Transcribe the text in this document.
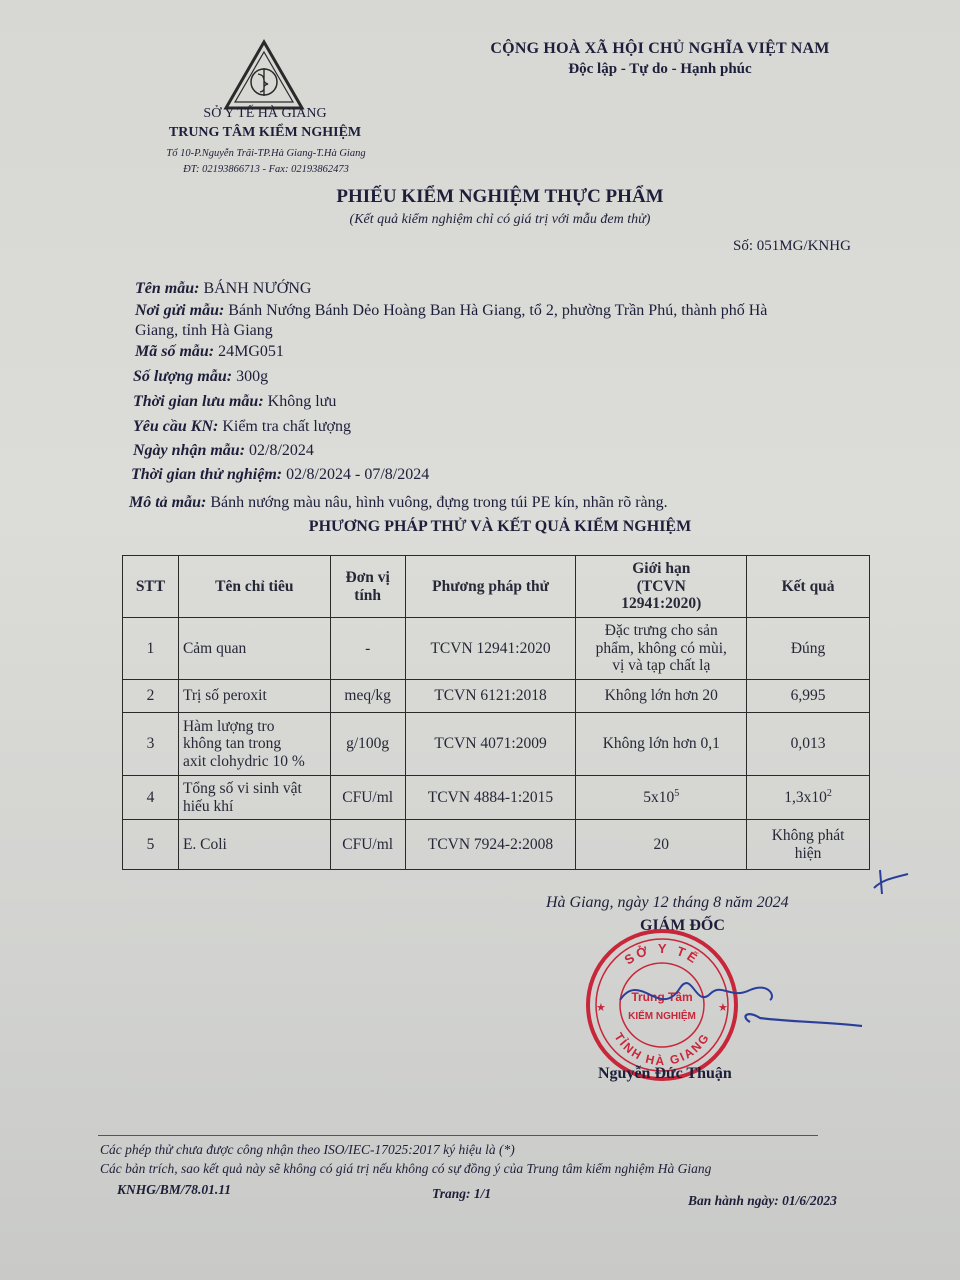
SỞ Y TẾ HÀ GIANG
TRUNG TÂM KIỂM NGHIỆM
Tổ 10-P.Nguyễn Trãi-TP.Hà Giang-T.Hà Giang
ĐT: 02193866713 - Fax: 02193862473
CỘNG HOÀ XÃ HỘI CHỦ NGHĨA VIỆT NAM
Độc lập - Tự do - Hạnh phúc
PHIẾU KIỂM NGHIỆM THỰC PHẨM
(Kết quả kiểm nghiệm chỉ có giá trị với mẫu đem thử)
Số: 051MG/KNHG
Tên mẫu: BÁNH NƯỚNG
Nơi gửi mẫu: Bánh Nướng Bánh Dẻo Hoàng Ban Hà Giang, tổ 2, phường Trần Phú, thành phố Hà
Giang, tỉnh Hà Giang
Mã số mẫu: 24MG051
Số lượng mẫu: 300g
Thời gian lưu mẫu: Không lưu
Yêu cầu KN: Kiểm tra chất lượng
Ngày nhận mẫu: 02/8/2024
Thời gian thử nghiệm: 02/8/2024 - 07/8/2024
Mô tả mẫu: Bánh nướng màu nâu, hình vuông, đựng trong túi PE kín, nhãn rõ ràng.
PHƯƠNG PHÁP THỬ VÀ KẾT QUẢ KIỂM NGHIỆM
STT	Tên chỉ tiêu	Đơn vị
tính	Phương pháp thử	Giới hạn
(TCVN
12941:2020)	Kết quả
1	Cảm quan	-	TCVN 12941:2020	Đặc trưng cho sản
phẩm, không có mùi,
vị và tạp chất lạ	Đúng
2	Trị số peroxit	meq/kg	TCVN 6121:2018	Không lớn hơn 20	6,995
3	Hàm lượng tro
không tan trong
axit clohydric 10 %	g/100g	TCVN 4071:2009	Không lớn hơn 0,1	0,013
4	Tổng số vi sinh vật
hiếu khí	CFU/ml	TCVN 4884-1:2015	$5x10^5$	$1,3x10^2$
5	E. Coli	CFU/ml	TCVN 7924-2:2008	20	Không phát
hiện
Hà Giang, ngày 12 tháng 8 năm 2024
GIÁM ĐỐC
SỞ Y TẾ
TỈNH HÀ GIANG
Trung Tâm
KIỂM NGHIỆM
★	★
Nguyễn Đức Thuận
Các phép thử chưa được công nhận theo ISO/IEC-17025:2017 ký hiệu là (*)
Các bản trích, sao kết quả này sẽ không có giá trị nếu không có sự đồng ý của Trung tâm kiểm nghiệm Hà Giang
KNHG/BM/78.01.11	Trang: 1/1	Ban hành ngày: 01/6/2023
